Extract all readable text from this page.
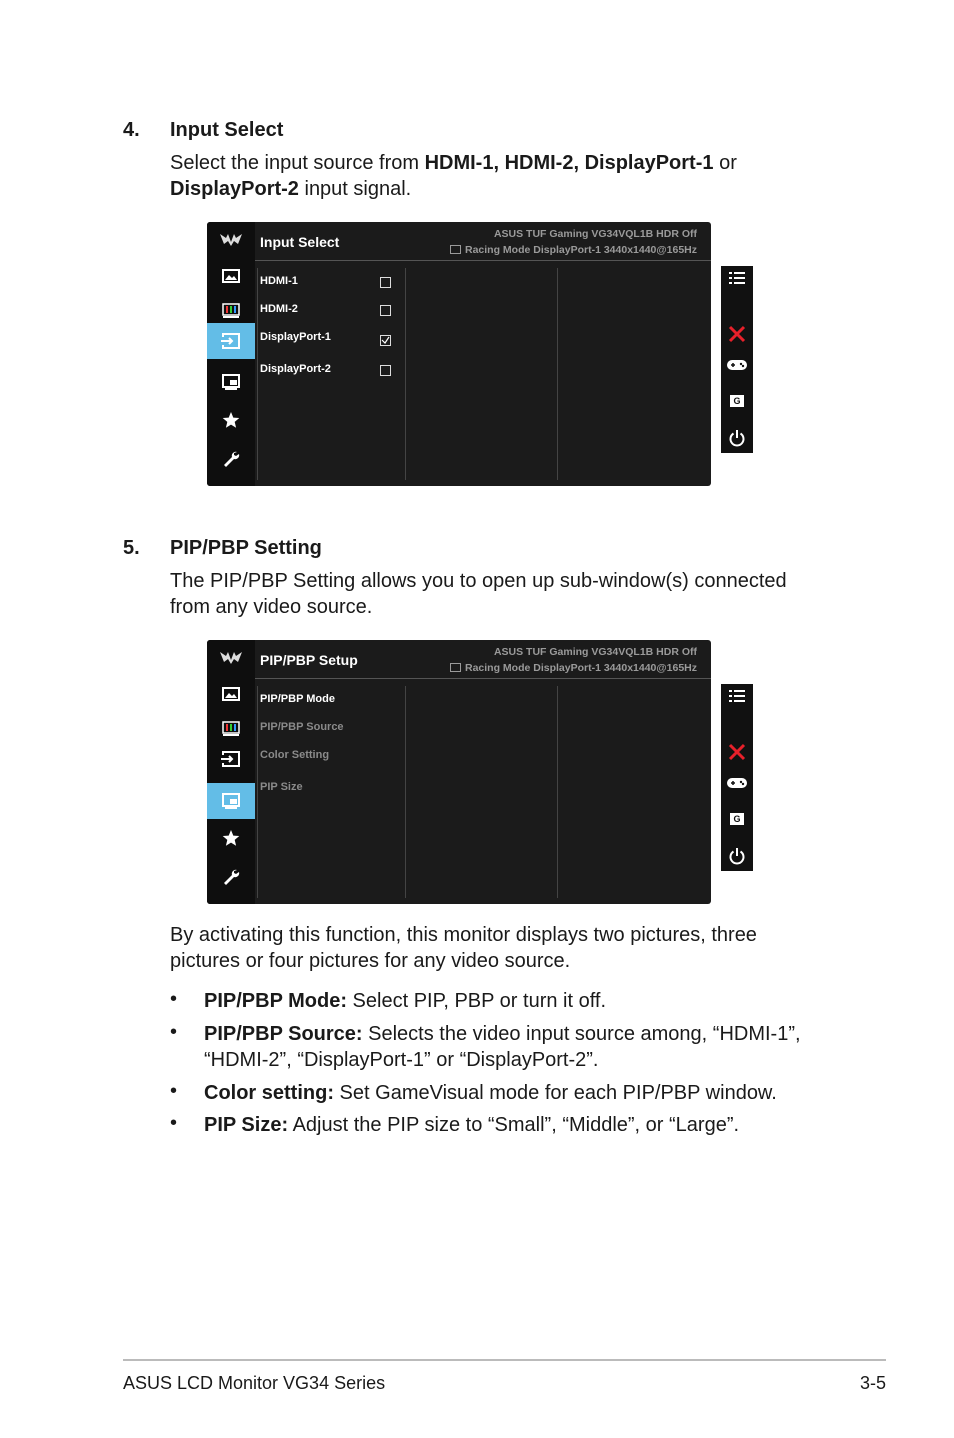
4. Input Select
Select the input source from HDMI-1, HDMI-2, DisplayPort-1 or
DisplayPort-2 input signal.
Input Select	ASUS TUF Gaming VG34VQL1B HDR Off
Racing Mode DisplayPort-1 3440x1440@165Hz
HDMI-1
HDMI-2
DisplayPort-1
DisplayPort-2
G
5. PIP/PBP Setting
The PIP/PBP Setting allows you to open up sub-window(s) connected
from any video source.
PIP/PBP Setup	ASUS TUF Gaming VG34VQL1B HDR Off
Racing Mode DisplayPort-1 3440x1440@165Hz
PIP/PBP Mode
PIP/PBP Source
Color Setting
PIP Size
G
By activating this function, this monitor displays two pictures, three
pictures or four pictures for any video source.
• PIP/PBP Mode: Select PIP, PBP or turn it off.
• PIP/PBP Source: Selects the video input source among, “HDMI-1”, “HDMI-2”, “DisplayPort-1” or “DisplayPort-2”.
• Color setting: Set GameVisual mode for each PIP/PBP window.
• PIP Size: Adjust the PIP size to “Small”, “Middle”, or “Large”.
ASUS LCD Monitor VG34 Series	3-5
